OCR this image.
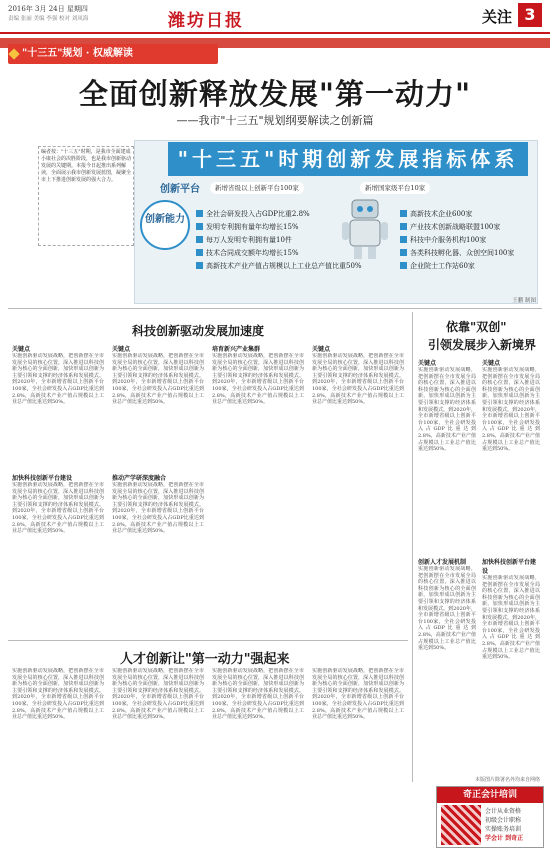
2016年 3月 24日 星期四
责编 张丽 美编 李强 校对 刘凤海	潍坊日报	关注 3
"十三五"规划 · 权威解读
全面创新释放发展"第一动力"
——我市"十三五"规划纲要解读之创新篇
编者按："十三五"时期，是我市全面建成小康社会的决胜阶段，也是我市创新驱动发展的关键期。本报今日起推出系列解读，全面展示我市创新发展蓝图，凝聚全市上下推进创新发展的强大合力。
"十三五"时期创新发展指标体系
创新平台	新增省级以上创新平台100家	新增国家级平台10家
创新能力	全社会研发投入占GDP比重2.8%
发明专利拥有量年均增长15%
每万人发明专利拥有量10件
技术合同成交额年均增长15%
高新技术产业产值占规模以上工业总产值比重50%
高新技术企业600家
产业技术创新战略联盟100家
科技中介服务机构100家
各类科技孵化器、众创空间100家
企业院士工作站60家
王鹏 制图
科技创新驱动发展加速度
关键点
实施创新驱动发展战略，把创新摆在全市发展全局的核心位置，深入推进以科技创新为核心的全面创新，加快形成以创新为主要引领和支撑的经济体系和发展模式。到2020年，全市新增省级以上创新平台100家，全社会研发投入占GDP比重达到2.8%，高新技术产业产值占规模以上工业总产值比重达到50%。
加快科技创新平台建设
实施创新驱动发展战略，把创新摆在全市发展全局的核心位置，深入推进以科技创新为核心的全面创新，加快形成以创新为主要引领和支撑的经济体系和发展模式。到2020年，全市新增省级以上创新平台100家，全社会研发投入占GDP比重达到2.8%，高新技术产业产值占规模以上工业总产值比重达到50%。
关键点
实施创新驱动发展战略，把创新摆在全市发展全局的核心位置，深入推进以科技创新为核心的全面创新，加快形成以创新为主要引领和支撑的经济体系和发展模式。到2020年，全市新增省级以上创新平台100家，全社会研发投入占GDP比重达到2.8%，高新技术产业产值占规模以上工业总产值比重达到50%。
推动产学研深度融合
实施创新驱动发展战略，把创新摆在全市发展全局的核心位置，深入推进以科技创新为核心的全面创新，加快形成以创新为主要引领和支撑的经济体系和发展模式。到2020年，全市新增省级以上创新平台100家，全社会研发投入占GDP比重达到2.8%，高新技术产业产值占规模以上工业总产值比重达到50%。
培育新兴产业集群
实施创新驱动发展战略，把创新摆在全市发展全局的核心位置，深入推进以科技创新为核心的全面创新，加快形成以创新为主要引领和支撑的经济体系和发展模式。到2020年，全市新增省级以上创新平台100家，全社会研发投入占GDP比重达到2.8%，高新技术产业产值占规模以上工业总产值比重达到50%。
关键点
实施创新驱动发展战略，把创新摆在全市发展全局的核心位置，深入推进以科技创新为核心的全面创新，加快形成以创新为主要引领和支撑的经济体系和发展模式。到2020年，全市新增省级以上创新平台100家，全社会研发投入占GDP比重达到2.8%，高新技术产业产值占规模以上工业总产值比重达到50%。
依靠"双创"
引领发展步入新境界
关键点
实施创新驱动发展战略，把创新摆在全市发展全局的核心位置，深入推进以科技创新为核心的全面创新，加快形成以创新为主要引领和支撑的经济体系和发展模式。到2020年，全市新增省级以上创新平台100家，全社会研发投入占GDP比重达到2.8%，高新技术产业产值占规模以上工业总产值比重达到50%。
创新人才发展机制
实施创新驱动发展战略，把创新摆在全市发展全局的核心位置，深入推进以科技创新为核心的全面创新，加快形成以创新为主要引领和支撑的经济体系和发展模式。到2020年，全市新增省级以上创新平台100家，全社会研发投入占GDP比重达到2.8%，高新技术产业产值占规模以上工业总产值比重达到50%。
关键点
实施创新驱动发展战略，把创新摆在全市发展全局的核心位置，深入推进以科技创新为核心的全面创新，加快形成以创新为主要引领和支撑的经济体系和发展模式。到2020年，全市新增省级以上创新平台100家，全社会研发投入占GDP比重达到2.8%，高新技术产业产值占规模以上工业总产值比重达到50%。
加快科技创新平台建设
实施创新驱动发展战略，把创新摆在全市发展全局的核心位置，深入推进以科技创新为核心的全面创新，加快形成以创新为主要引领和支撑的经济体系和发展模式。到2020年，全市新增省级以上创新平台100家，全社会研发投入占GDP比重达到2.8%，高新技术产业产值占规模以上工业总产值比重达到50%。
人才创新让"第一动力"强起来
实施创新驱动发展战略，把创新摆在全市发展全局的核心位置，深入推进以科技创新为核心的全面创新，加快形成以创新为主要引领和支撑的经济体系和发展模式。到2020年，全市新增省级以上创新平台100家，全社会研发投入占GDP比重达到2.8%，高新技术产业产值占规模以上工业总产值比重达到50%。
实施创新驱动发展战略，把创新摆在全市发展全局的核心位置，深入推进以科技创新为核心的全面创新，加快形成以创新为主要引领和支撑的经济体系和发展模式。到2020年，全市新增省级以上创新平台100家，全社会研发投入占GDP比重达到2.8%，高新技术产业产值占规模以上工业总产值比重达到50%。
实施创新驱动发展战略，把创新摆在全市发展全局的核心位置，深入推进以科技创新为核心的全面创新，加快形成以创新为主要引领和支撑的经济体系和发展模式。到2020年，全市新增省级以上创新平台100家，全社会研发投入占GDP比重达到2.8%，高新技术产业产值占规模以上工业总产值比重达到50%。
实施创新驱动发展战略，把创新摆在全市发展全局的核心位置，深入推进以科技创新为核心的全面创新，加快形成以创新为主要引领和支撑的经济体系和发展模式。到2020年，全市新增省级以上创新平台100家，全社会研发投入占GDP比重达到2.8%，高新技术产业产值占规模以上工业总产值比重达到50%。
本版图片除署名外均来自网络
奇正会计培训
会计从业资格
初级会计职称
实操账务培训
学会计 到奇正
